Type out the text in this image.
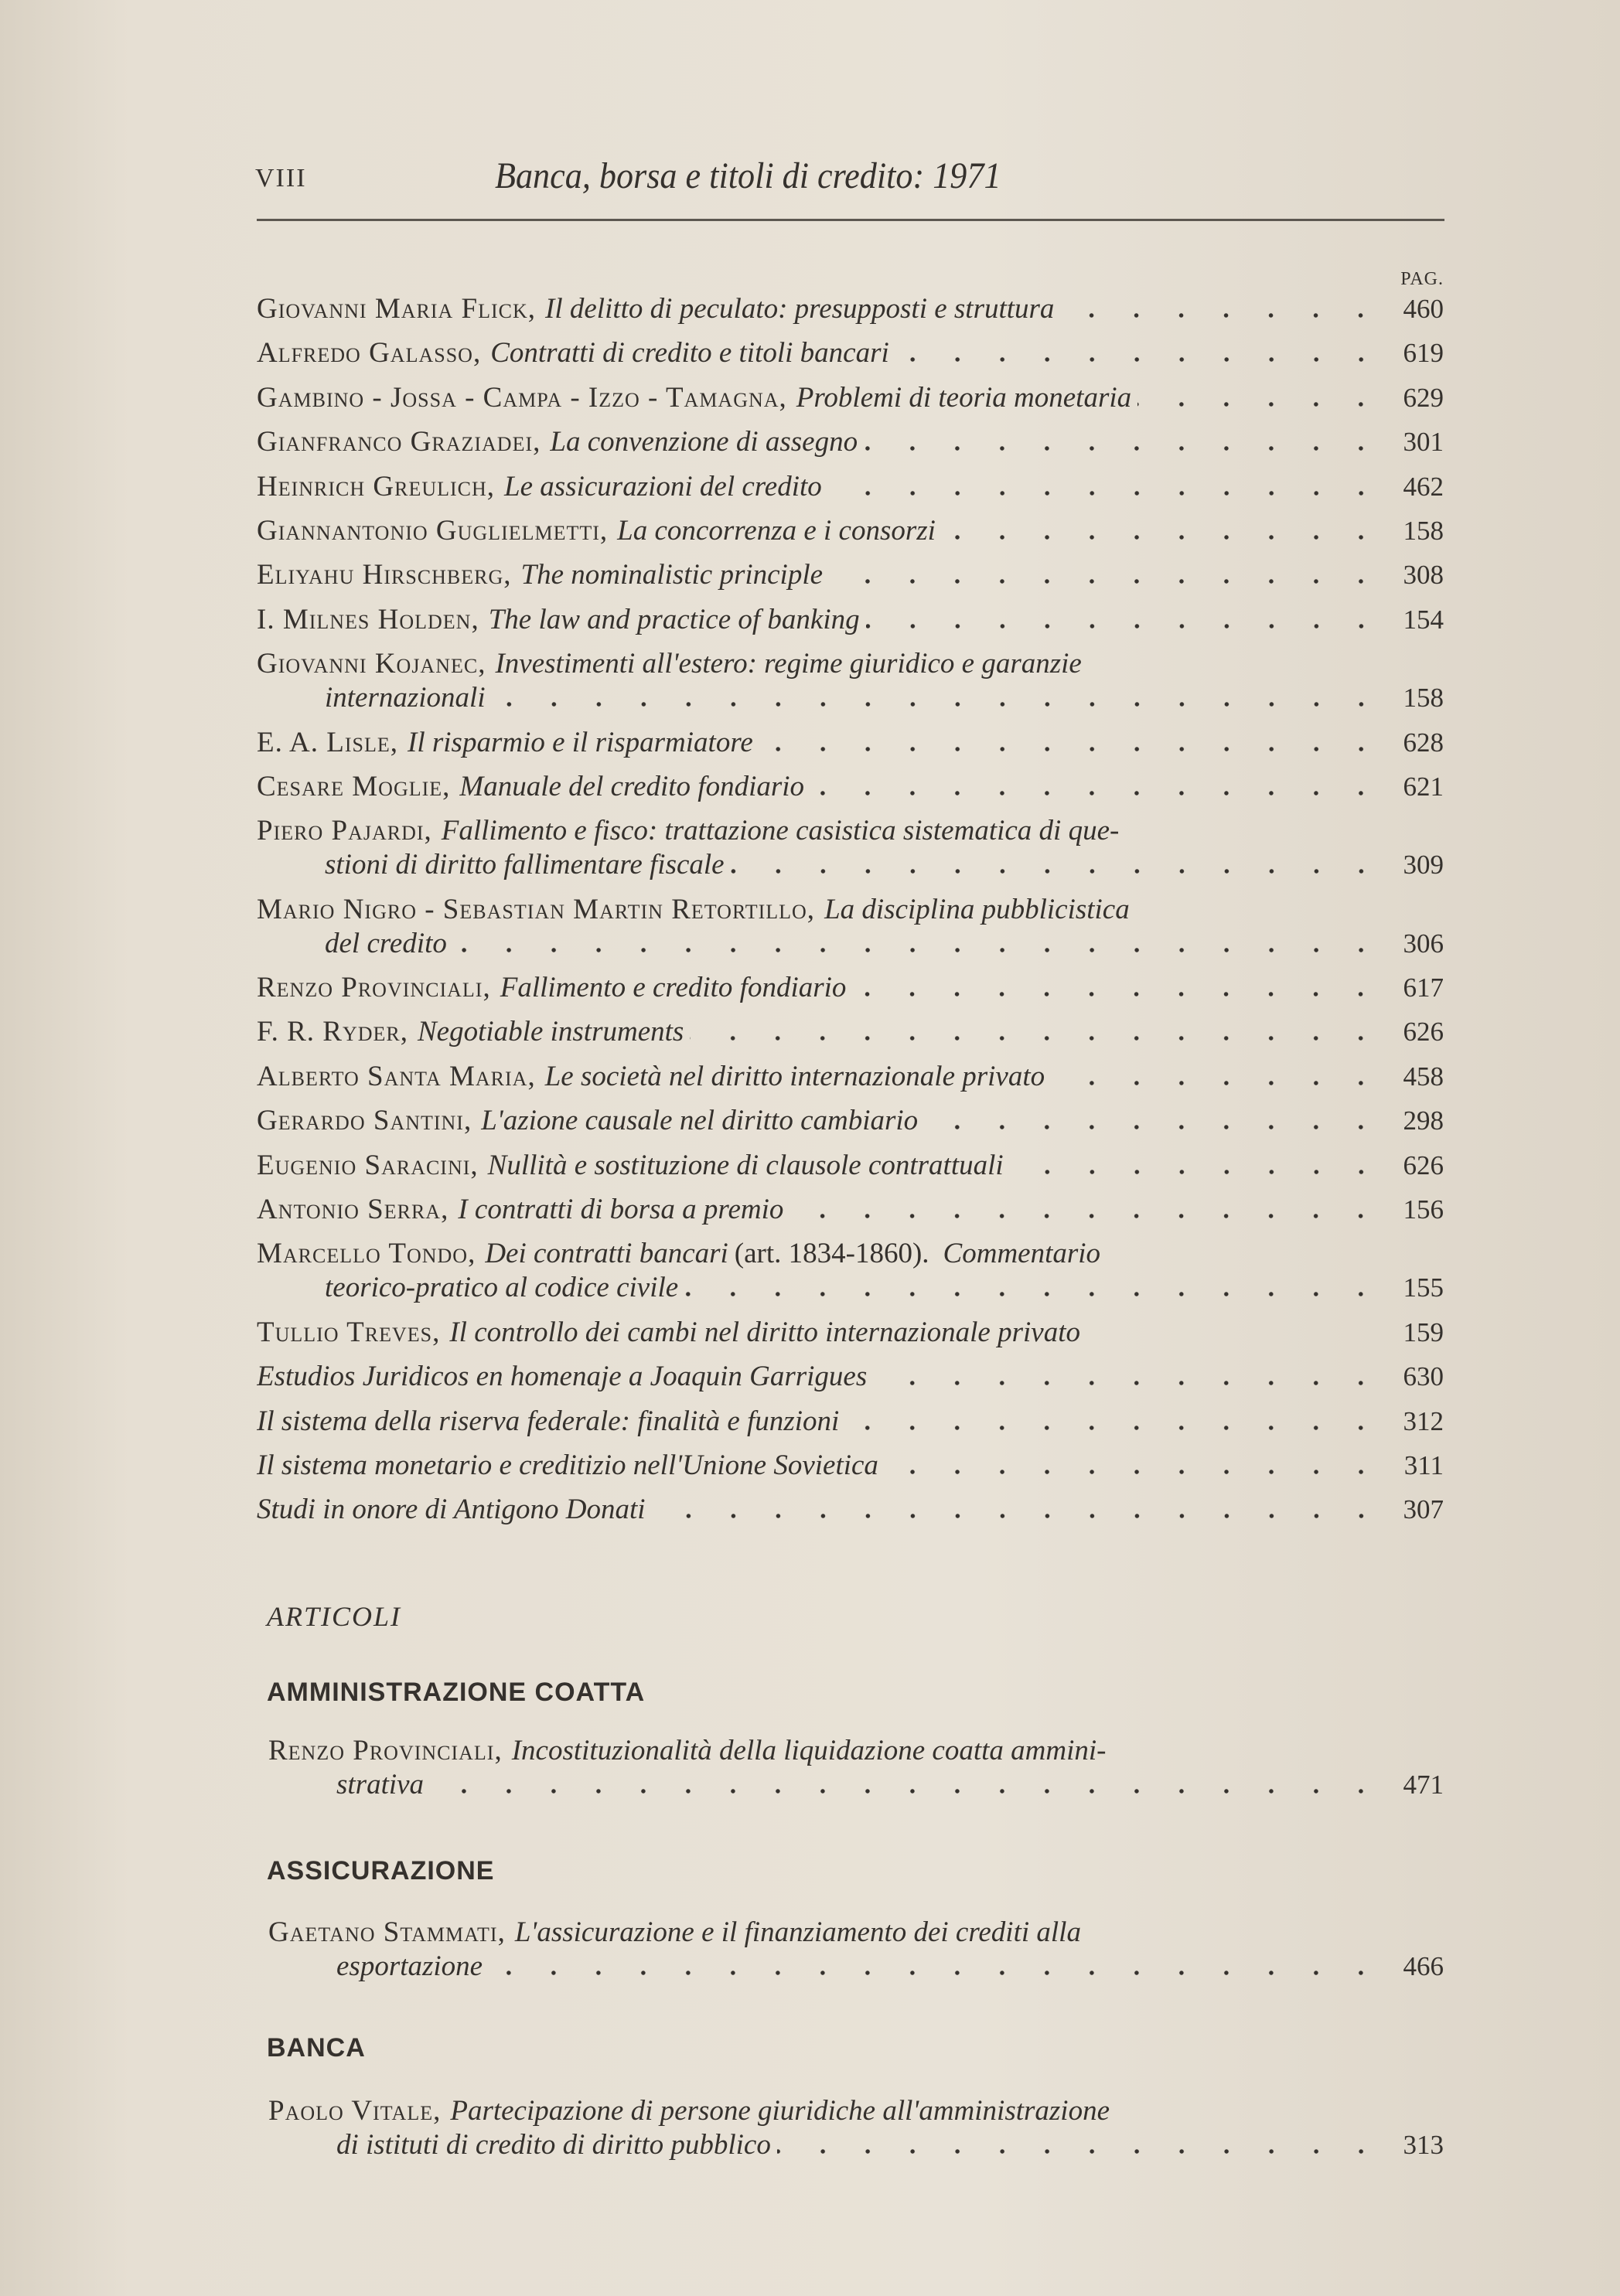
VIII	Banca, borsa e titoli di credito: 1971
PAG.
Giovanni Maria Flick, Il delitto di peculato: presupposti e struttura	460
Alfredo Galasso, Contratti di credito e titoli bancari	619
Gambino - Jossa - Campa - Izzo - Tamagna, Problemi di teoria monetaria	629
Gianfranco Graziadei, La convenzione di assegno	301
Heinrich Greulich, Le assicurazioni del credito	462
Giannantonio Guglielmetti, La concorrenza e i consorzi	158
Eliyahu Hirschberg, The nominalistic principle	308
I. Milnes Holden, The law and practice of banking	154
Giovanni Kojanec, Investimenti all'estero: regime giuridico e garanzie
internazionali	158
E. A. Lisle, Il risparmio e il risparmiatore	628
Cesare Moglie, Manuale del credito fondiario	621
Piero Pajardi, Fallimento e fisco: trattazione casistica sistematica di que-
stioni di diritto fallimentare fiscale	309
Mario Nigro - Sebastian Martin Retortillo, La disciplina pubblicistica
del credito	306
Renzo Provinciali, Fallimento e credito fondiario	617
F. R. Ryder, Negotiable instruments	626
Alberto Santa Maria, Le società nel diritto internazionale privato	458
Gerardo Santini, L'azione causale nel diritto cambiario	298
Eugenio Saracini, Nullità e sostituzione di clausole contrattuali	626
Antonio Serra, I contratti di borsa a premio	156
Marcello Tondo, Dei contratti bancari (art. 1834-1860). Commentario
teorico-pratico al codice civile	155
Tullio Treves, Il controllo dei cambi nel diritto internazionale privato	159
Estudios Juridicos en homenaje a Joaquin Garrigues	630
Il sistema della riserva federale: finalità e funzioni	312
Il sistema monetario e creditizio nell'Unione Sovietica	311
Studi in onore di Antigono Donati	307
ARTICOLI
AMMINISTRAZIONE COATTA
Renzo Provinciali, Incostituzionalità della liquidazione coatta ammini-
strativa	471
ASSICURAZIONE
Gaetano Stammati, L'assicurazione e il finanziamento dei crediti alla
esportazione	466
BANCA
Paolo Vitale, Partecipazione di persone giuridiche all'amministrazione
di istituti di credito di diritto pubblico	313
